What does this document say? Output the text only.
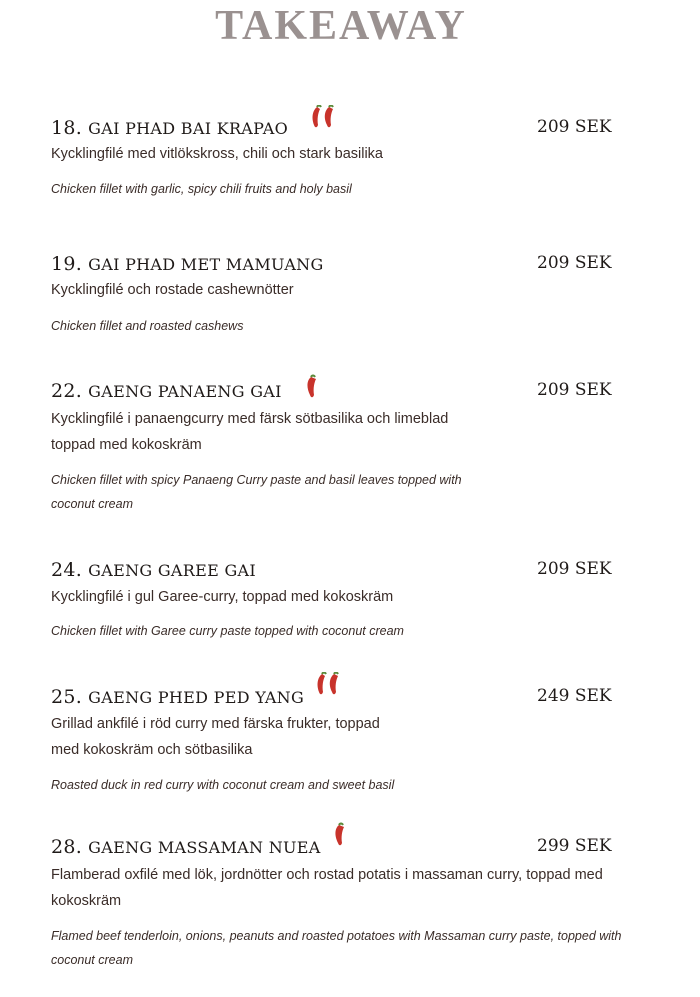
TAKEAWAY
18. GAI PHAD BAI KRAPAO	209 SEK
Kycklingfilé med vitlökskross, chili och stark basilika
Chicken fillet with garlic, spicy chili fruits and holy basil
19. GAI PHAD MET MAMUANG	209 SEK
Kycklingfilé och rostade cashewnötter
Chicken fillet and roasted cashews
22. GAENG PANAENG GAI	209 SEK
Kycklingfilé i panaengcurry med färsk sötbasilika och limeblad toppad med kokoskräm
Chicken fillet with spicy Panaeng Curry paste and basil leaves topped with coconut cream
24. GAENG GAREE GAI	209 SEK
Kycklingfilé i gul Garee-curry, toppad med kokoskräm
Chicken fillet with Garee curry paste topped with coconut cream
25. GAENG PHED PED YANG	249 SEK
Grillad ankfilé i röd curry med färska frukter, toppad med kokoskräm och sötbasilika
Roasted duck in red curry with coconut cream and sweet basil
28. GAENG MASSAMAN NUEA	299 SEK
Flamberad oxfilé med lök, jordnötter och rostad potatis i massaman curry, toppad med kokoskräm
Flamed beef tenderloin, onions, peanuts and roasted potatoes with Massaman curry paste, topped with coconut cream
